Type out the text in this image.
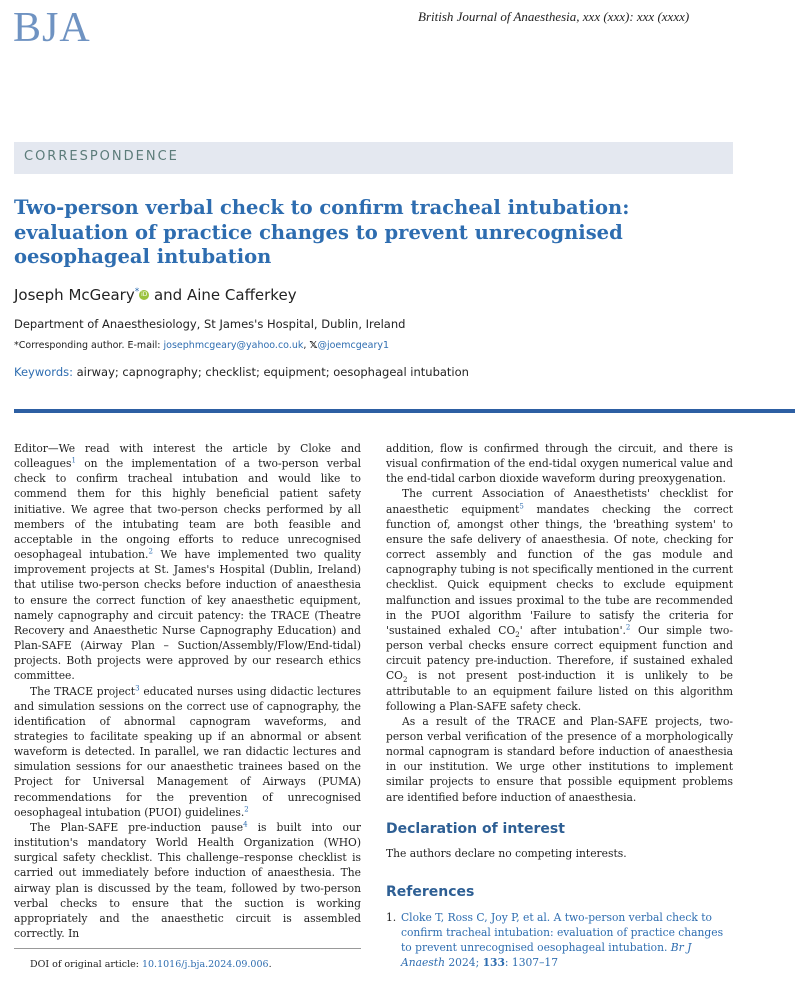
BJA	British Journal of Anaesthesia, xxx (xxx): xxx (xxxx)
CORRESPONDENCE
Two-person verbal check to confirm tracheal intubation: evaluation of practice changes to prevent unrecognised oesophageal intubation
Joseph McGeary* iD and Aine Cafferkey
Department of Anaesthesiology, St James's Hospital, Dublin, Ireland
*Corresponding author. E-mail: josephmcgeary@yahoo.co.uk, 𝕏@joemcgeary1
Keywords: airway; capnography; checklist; equipment; oesophageal intubation

Editor—We read with interest the article by Cloke and colleagues$^1$ on the implementation of a two-person verbal check to confirm tracheal intubation and would like to commend them for this highly beneficial patient safety initiative. We agree that two-person checks performed by all members of the intubating team are both feasible and acceptable in the ongoing efforts to reduce unrecognised oesophageal intubation.$^2$ We have implemented two quality improvement projects at St. James's Hospital (Dublin, Ireland) that utilise two-person checks before induction of anaesthesia to ensure the correct function of key anaesthetic equipment, namely capnography and circuit patency: the TRACE (Theatre Recovery and Anaesthetic Nurse Capnography Education) and Plan-SAFE (Airway Plan – Suction/Assembly/Flow/End-tidal) projects. Both projects were approved by our research ethics committee.

The TRACE project$^3$ educated nurses using didactic lectures and simulation sessions on the correct use of capnography, the identification of abnormal capnogram waveforms, and strategies to facilitate speaking up if an abnormal or absent waveform is detected. In parallel, we ran didactic lectures and simulation sessions for our anaesthetic trainees based on the Project for Universal Management of Airways (PUMA) recommendations for the prevention of unrecognised oesophageal intubation (PUOI) guidelines.$^2$

The Plan-SAFE pre-induction pause$^4$ is built into our institution's mandatory World Health Organization (WHO) surgical safety checklist. This challenge–response checklist is carried out immediately before induction of anaesthesia. The airway plan is discussed by the team, followed by two-person verbal checks to ensure that the suction is working appropriately and the anaesthetic circuit is assembled correctly. In

addition, flow is confirmed through the circuit, and there is visual confirmation of the end-tidal oxygen numerical value and the end-tidal carbon dioxide waveform during preoxygenation.

The current Association of Anaesthetists' checklist for anaesthetic equipment$^5$ mandates checking the correct function of, amongst other things, the 'breathing system' to ensure the safe delivery of anaesthesia. Of note, checking for correct assembly and function of the gas module and capnography tubing is not specifically mentioned in the current checklist. Quick equipment checks to exclude equipment malfunction and issues proximal to the tube are recommended in the PUOI algorithm 'Failure to satisfy the criteria for 'sustained exhaled $CO_2'$ after intubation'.$^2$ Our simple two-person verbal checks ensure correct equipment function and circuit patency pre-induction. Therefore, if sustained exhaled $CO_2$ is not present post-induction it is unlikely to be attributable to an equipment failure listed on this algorithm following a Plan-SAFE safety check.

As a result of the TRACE and Plan-SAFE projects, two-person verbal verification of the presence of a morphologically normal capnogram is standard before induction of anaesthesia in our institution. We urge other institutions to implement similar projects to ensure that possible equipment problems are identified before induction of anaesthesia.

Declaration of interest
The authors declare no competing interests.
References
1. Cloke T, Ross C, Joy P, et al. A two-person verbal check to confirm tracheal intubation: evaluation of practice changes to prevent unrecognised oesophageal intubation. Br J Anaesth 2024; 133: 1307–17
DOI of original article: 10.1016/j.bja.2024.09.006.
